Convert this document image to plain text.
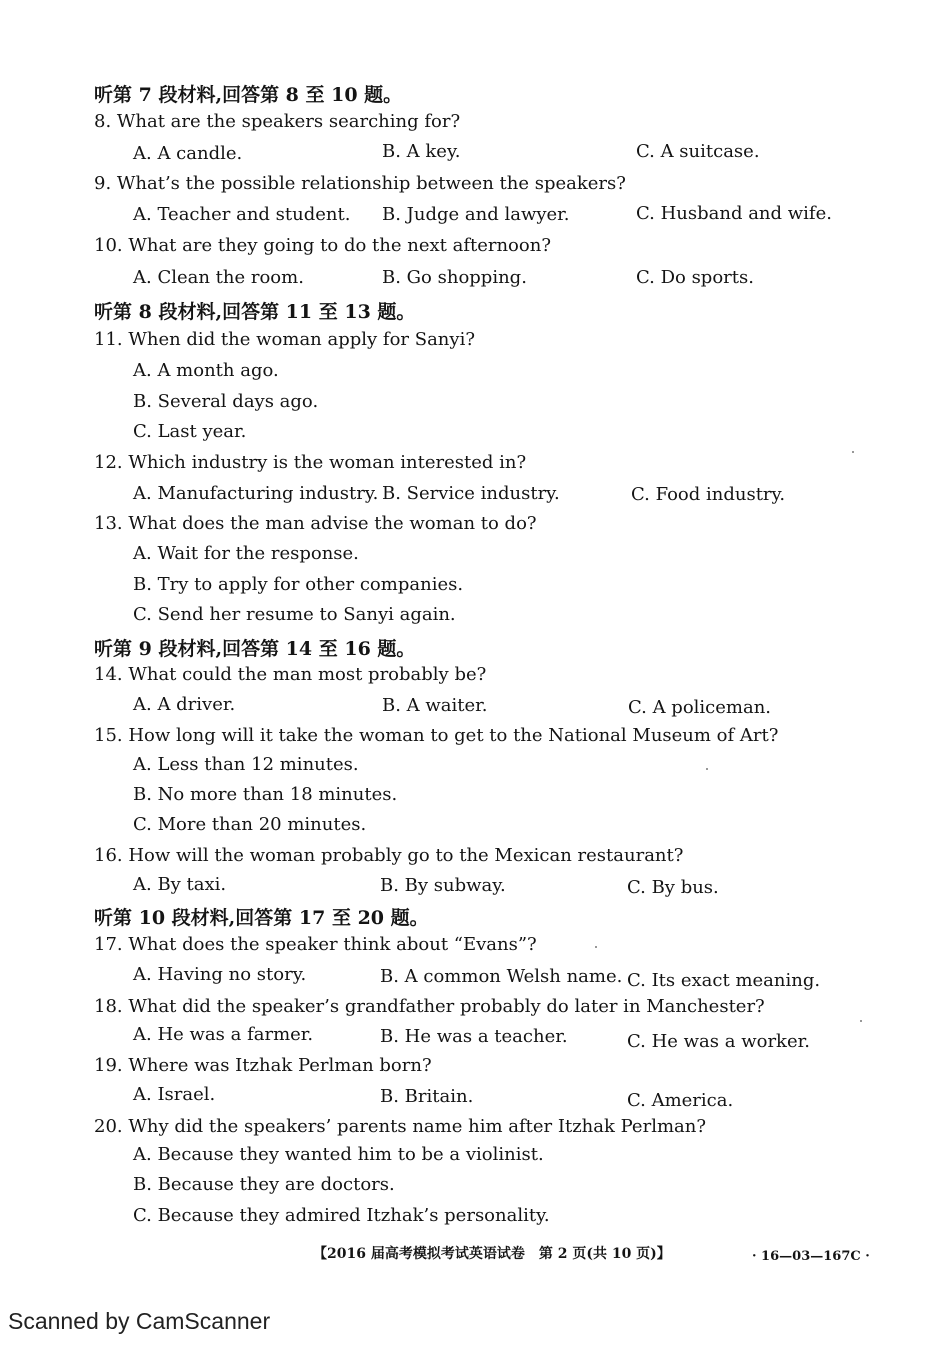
听第 7 段材料,回答第 8 至 10 题。
8. What are the speakers searching for?
A. A candle.	B. A key.	C. A suitcase.
9. What’s the possible relationship between the speakers?
A. Teacher and student. B. Judge and lawyer.	C. Husband and wife.
10. What are they going to do the next afternoon?
A. Clean the room.	B. Go shopping.	C. Do sports.
听第 8 段材料,回答第 11 至 13 题。
11. When did the woman apply for Sanyi?
A. A month ago.
B. Several days ago.
C. Last year.
12. Which industry is the woman interested in?
A. Manufacturing industry. B. Service industry.	C. Food industry.
13. What does the man advise the woman to do?
A. Wait for the response.
B. Try to apply for other companies.
C. Send her resume to Sanyi again.
听第 9 段材料,回答第 14 至 16 题。
14. What could the man most probably be?
A. A driver.	B. A waiter.	C. A policeman.
15. How long will it take the woman to get to the National Museum of Art?
A. Less than 12 minutes.
B. No more than 18 minutes.
C. More than 20 minutes.
16. How will the woman probably go to the Mexican restaurant?
A. By taxi.	B. By subway.	C. By bus.
听第 10 段材料,回答第 17 至 20 题。
17. What does the speaker think about “Evans”?
A. Having no story.	B. A common Welsh name. C. Its exact meaning.
18. What did the speaker’s grandfather probably do later in Manchester?
A. He was a farmer.	B. He was a teacher.	C. He was a worker.
19. Where was Itzhak Perlman born?
A. Israel.	B. Britain.	C. America.
20. Why did the speakers’ parents name him after Itzhak Perlman?
A. Because they wanted him to be a violinist.
B. Because they are doctors.
C. Because they admired Itzhak’s personality.
【2016 届高考模拟考试英语试卷　第 2 页(共 10 页)】	· 16—03—167C ·
Scanned by CamScanner
